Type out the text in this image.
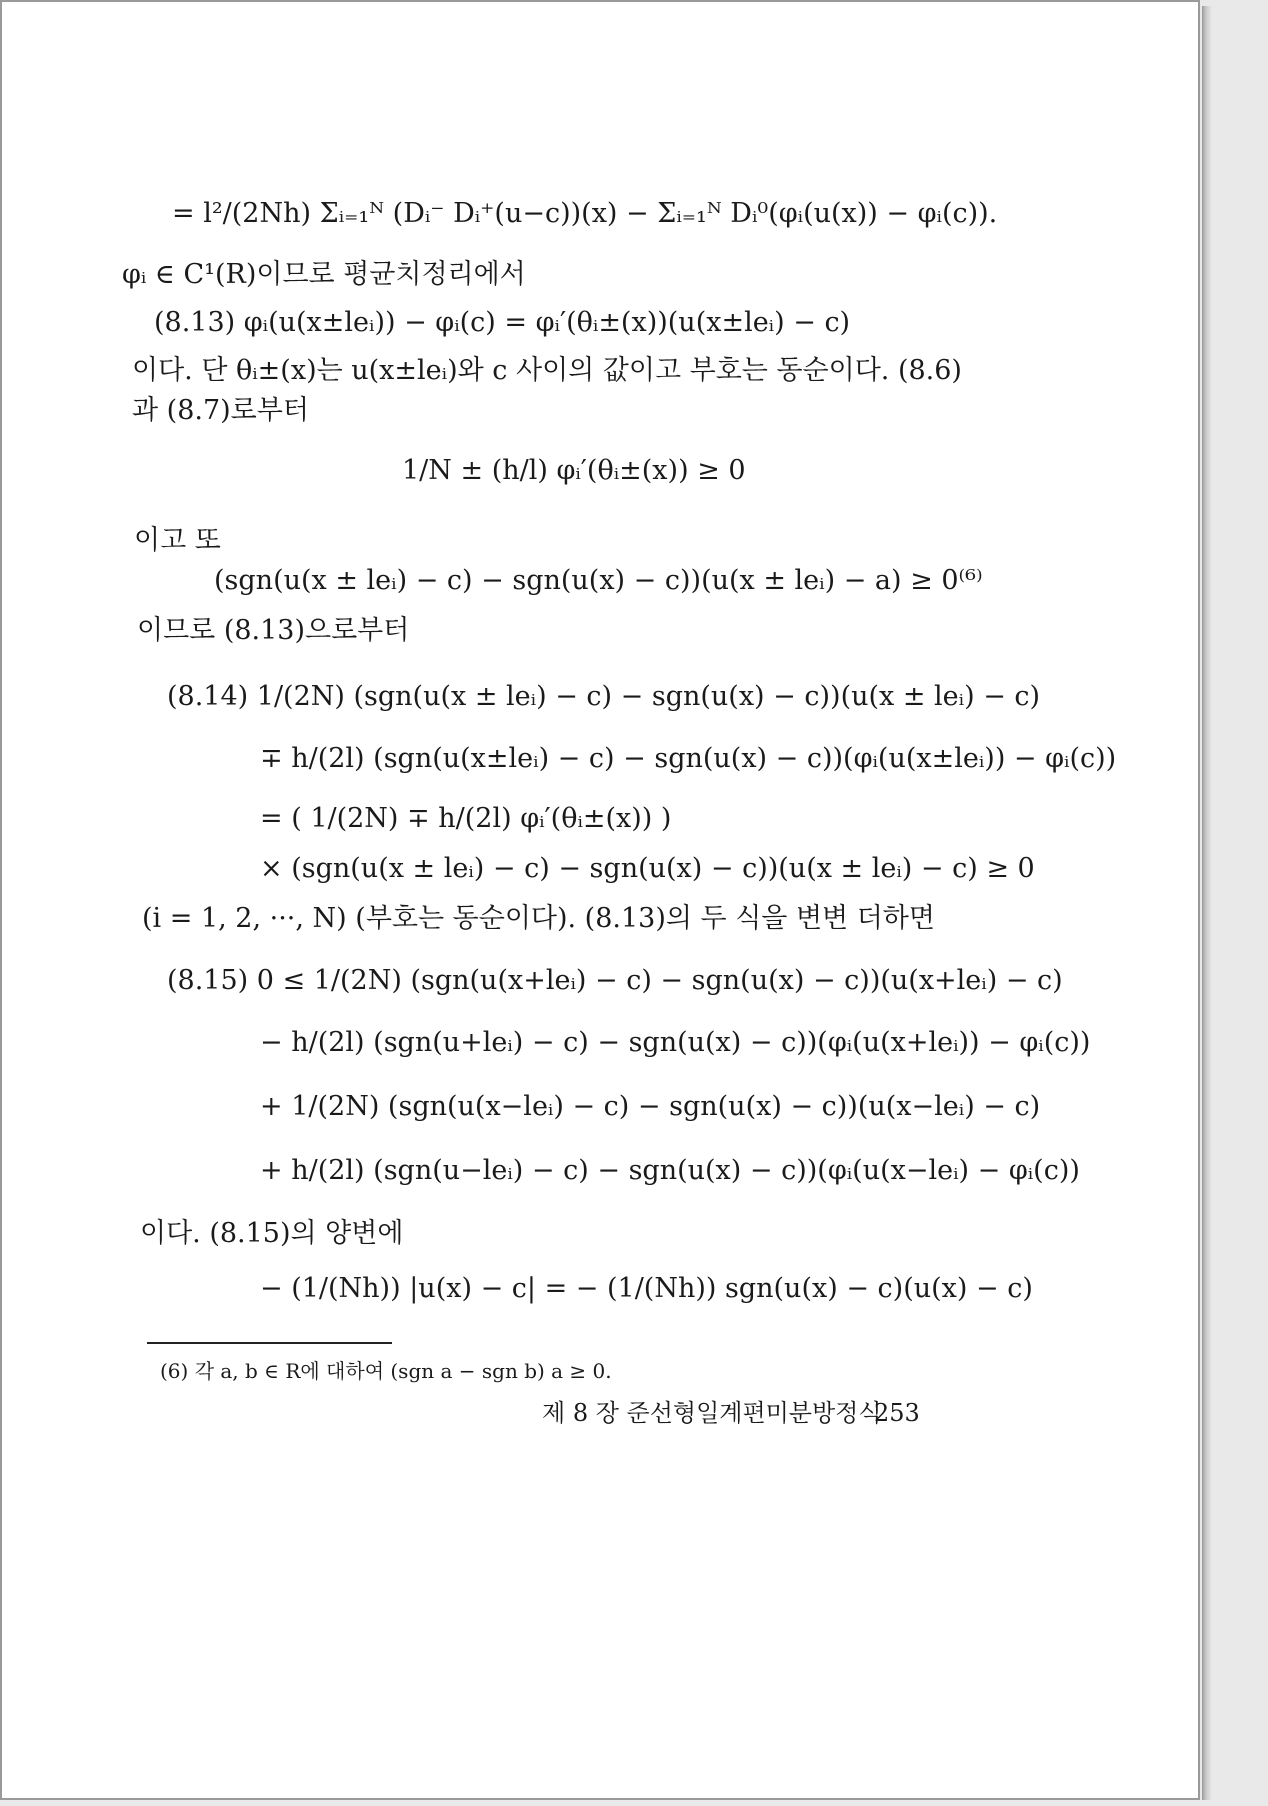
= l²/(2Nh) Σᵢ₌₁ᴺ (Dᵢ⁻ Dᵢ⁺(u−c))(x) − Σᵢ₌₁ᴺ Dᵢ⁰(φᵢ(u(x)) − φᵢ(c)).
φᵢ ∈ C¹(R)이므로 평균치정리에서
(8.13) φᵢ(u(x±leᵢ)) − φᵢ(c) = φᵢ′(θᵢ±(x))(u(x±leᵢ) − c)
이다. 단 θᵢ±(x)는 u(x±leᵢ)와 c 사이의 값이고 부호는 동순이다. (8.6)
과 (8.7)로부터
1/N ± (h/l) φᵢ′(θᵢ±(x)) ≥ 0
이고 또
(sgn(u(x ± leᵢ) − c) − sgn(u(x) − c))(u(x ± leᵢ) − a) ≥ 0⁽⁶⁾
이므로 (8.13)으로부터
(8.14) 1/(2N) (sgn(u(x ± leᵢ) − c) − sgn(u(x) − c))(u(x ± leᵢ) − c)
∓ h/(2l) (sgn(u(x±leᵢ) − c) − sgn(u(x) − c))(φᵢ(u(x±leᵢ)) − φᵢ(c))
= ( 1/(2N) ∓ h/(2l) φᵢ′(θᵢ±(x)) )
× (sgn(u(x ± leᵢ) − c) − sgn(u(x) − c))(u(x ± leᵢ) − c) ≥ 0
(i = 1, 2, ···, N) (부호는 동순이다). (8.13)의 두 식을 변변 더하면
(8.15) 0 ≤ 1/(2N) (sgn(u(x+leᵢ) − c) − sgn(u(x) − c))(u(x+leᵢ) − c)
− h/(2l) (sgn(u+leᵢ) − c) − sgn(u(x) − c))(φᵢ(u(x+leᵢ)) − φᵢ(c))
+ 1/(2N) (sgn(u(x−leᵢ) − c) − sgn(u(x) − c))(u(x−leᵢ) − c)
+ h/(2l) (sgn(u−leᵢ) − c) − sgn(u(x) − c))(φᵢ(u(x−leᵢ) − φᵢ(c))
이다. (8.15)의 양변에
− (1/(Nh)) |u(x) − c| = − (1/(Nh)) sgn(u(x) − c)(u(x) − c)
(6) 각 a, b ∈ R에 대하여 (sgn a − sgn b) a ≥ 0.
제 8 장 준선형일계편미분방정식
253
